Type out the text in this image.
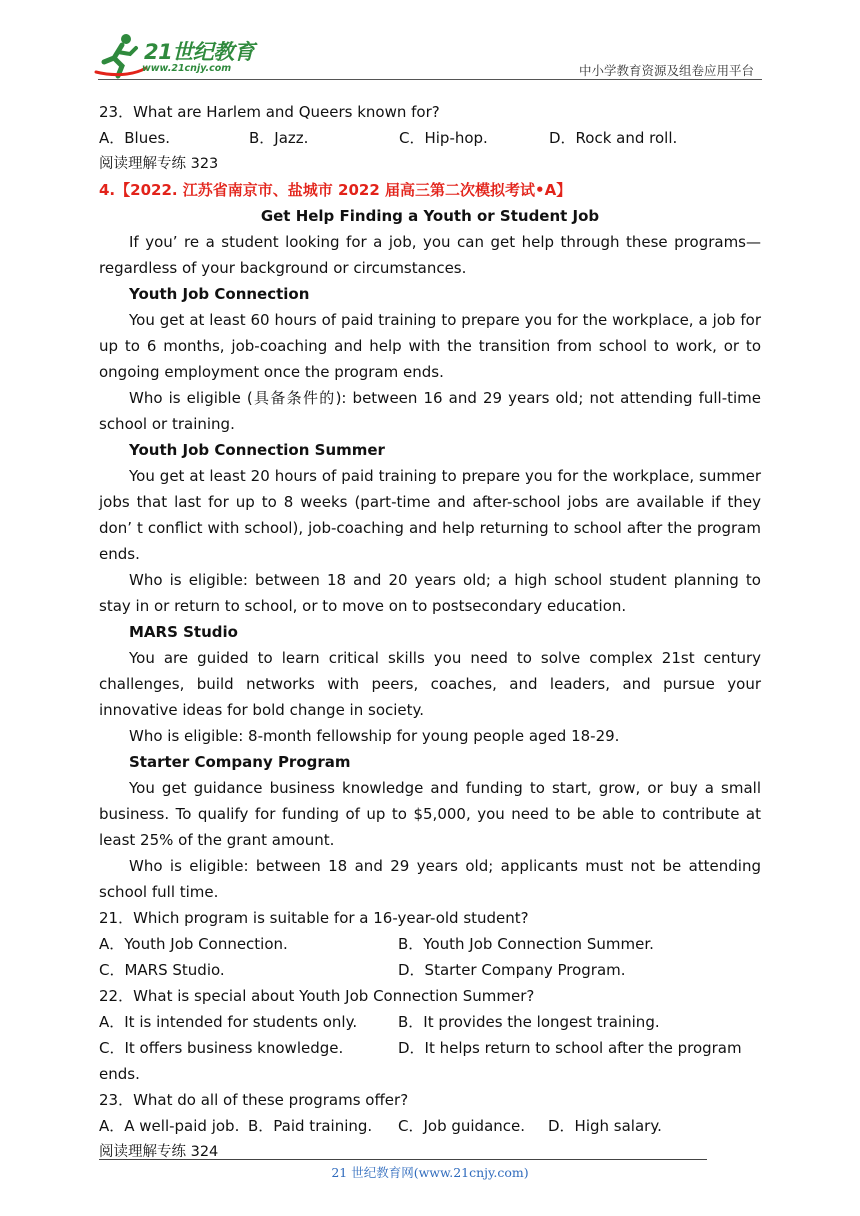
21世纪教育
www.21cnjy.com	中小学教育资源及组卷应用平台
23．What are Harlem and Queers known for?
A．Blues.	B．Jazz.	C．Hip-hop.	D．Rock and roll.
阅读理解专练 323
4.【2022. 江苏省南京市、盐城市 2022 届高三第二次模拟考试•A】
Get Help Finding a Youth or Student Job
If you’ re a student looking for a job, you can get help through these programs—regardless of your background or circumstances.
Youth Job Connection
You get at least 60 hours of paid training to prepare you for the workplace, a job for up to 6 months, job-coaching and help with the transition from school to work, or to ongoing employment once the program ends.
Who is eligible (具备条件的): between 16 and 29 years old; not attending full-time school or training.
Youth Job Connection Summer
You get at least 20 hours of paid training to prepare you for the workplace, summer jobs that last for up to 8 weeks (part-time and after-school jobs are available if they don’ t conflict with school), job-coaching and help returning to school after the program ends.
Who is eligible: between 18 and 20 years old; a high school student planning to stay in or return to school, or to move on to postsecondary education.
MARS Studio
You are guided to learn critical skills you need to solve complex 21st century challenges, build networks with peers, coaches, and leaders, and pursue your innovative ideas for bold change in society.
Who is eligible: 8-month fellowship for young people aged 18-29.
Starter Company Program
You get guidance business knowledge and funding to start, grow, or buy a small business. To qualify for funding of up to $5,000, you need to be able to contribute at least 25% of the grant amount.
Who is eligible: between 18 and 29 years old; applicants must not be attending school full time.
21．Which program is suitable for a 16-year-old student?
A．Youth Job Connection.	B．Youth Job Connection Summer.
C．MARS Studio.	D．Starter Company Program.
22．What is special about Youth Job Connection Summer?
A．It is intended for students only.	B．It provides the longest training.
C．It offers business knowledge.	D．It helps return to school after the program
ends.
23．What do all of these programs offer?
A．A well-paid job. B．Paid training. C．Job guidance. D．High salary.
阅读理解专练 324
21 世纪教育网(www.21cnjy.com)
